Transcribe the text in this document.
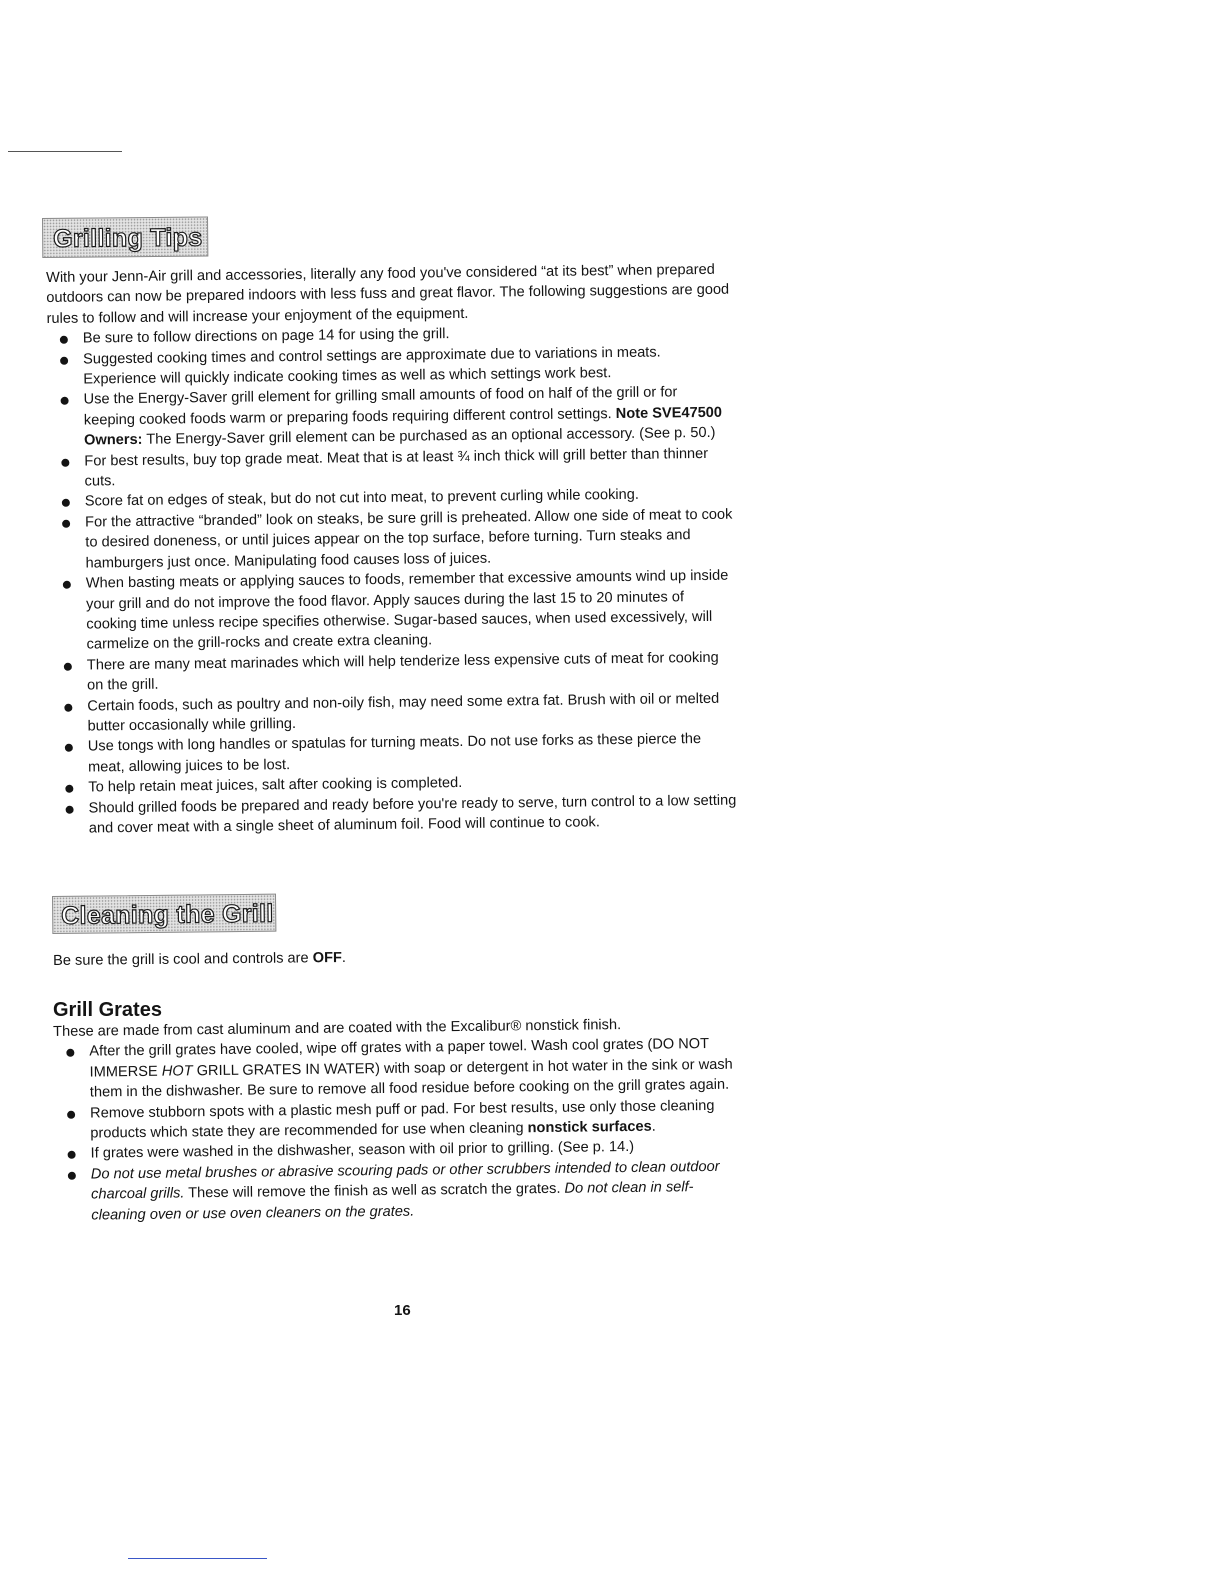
Grilling Tips

With your Jenn-Air grill and accessories, literally any food you've considered “at its best” when prepared outdoors can now be prepared indoors with less fuss and great flavor. The following suggestions are good rules to follow and will increase your enjoyment of the equipment.

Be sure to follow directions on page 14 for using the grill.
Suggested cooking times and control settings are approximate due to variations in meats. Experience will quickly indicate cooking times as well as which settings work best.
Use the Energy-Saver grill element for grilling small amounts of food on half of the grill or for keeping cooked foods warm or preparing foods requiring different control settings. Note SVE47500 Owners: The Energy-Saver grill element can be purchased as an optional accessory. (See p. 50.)
For best results, buy top grade meat. Meat that is at least ¾ inch thick will grill better than thinner cuts.
Score fat on edges of steak, but do not cut into meat, to prevent curling while cooking.
For the attractive “branded” look on steaks, be sure grill is preheated. Allow one side of meat to cook to desired doneness, or until juices appear on the top surface, before turning. Turn steaks and hamburgers just once. Manipulating food causes loss of juices.
When basting meats or applying sauces to foods, remember that excessive amounts wind up inside your grill and do not improve the food flavor. Apply sauces during the last 15 to 20 minutes of cooking time unless recipe specifies otherwise. Sugar-based sauces, when used excessively, will carmelize on the grill-rocks and create extra cleaning.
There are many meat marinades which will help tenderize less expensive cuts of meat for cooking on the grill.
Certain foods, such as poultry and non-oily fish, may need some extra fat. Brush with oil or melted butter occasionally while grilling.
Use tongs with long handles or spatulas for turning meats. Do not use forks as these pierce the meat, allowing juices to be lost.
To help retain meat juices, salt after cooking is completed.
Should grilled foods be prepared and ready before you're ready to serve, turn control to a low setting and cover meat with a single sheet of aluminum foil. Food will continue to cook.
Cleaning the Grill

Be sure the grill is cool and controls are OFF.

Grill Grates

These are made from cast aluminum and are coated with the Excalibur® nonstick finish.

After the grill grates have cooled, wipe off grates with a paper towel. Wash cool grates (DO NOT IMMERSE HOT GRILL GRATES IN WATER) with soap or detergent in hot water in the sink or wash them in the dishwasher. Be sure to remove all food residue before cooking on the grill grates again.
Remove stubborn spots with a plastic mesh puff or pad. For best results, use only those cleaning products which state they are recommended for use when cleaning nonstick surfaces.
If grates were washed in the dishwasher, season with oil prior to grilling. (See p. 14.)
Do not use metal brushes or abrasive scouring pads or other scrubbers intended to clean outdoor charcoal grills. These will remove the finish as well as scratch the grates. Do not clean in self-cleaning oven or use oven cleaners on the grates.
16
